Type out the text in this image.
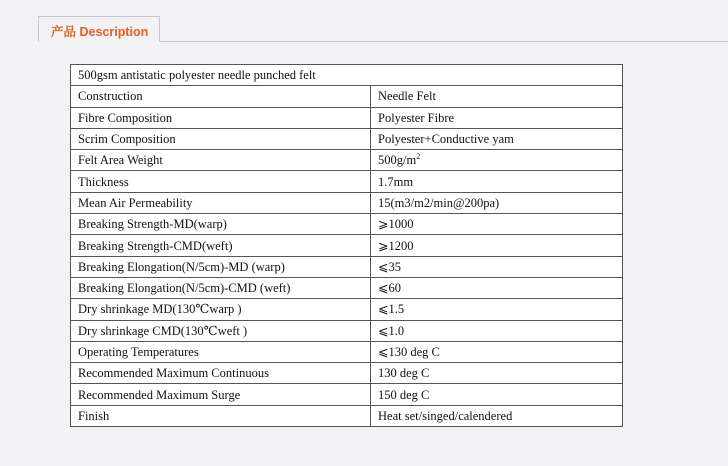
产品 Description
500gsm antistatic polyester needle punched felt	
Construction	Needle Felt
Fibre Composition	Polyester Fibre
Scrim Composition	Polyester+Conductive yam
Felt Area Weight	$500g/m^2$
Thickness	1.7mm
Mean Air Permeability	15(m3/m2/min@200pa)
Breaking Strength-MD(warp)	⩾1000
Breaking Strength-CMD(weft)	⩾1200
Breaking Elongation(N/5cm)-MD (warp)	⩽35
Breaking Elongation(N/5cm)-CMD (weft)	⩽60
Dry shrinkage MD(130℃warp )	⩽1.5
Dry shrinkage CMD(130℃weft )	⩽1.0
Operating Temperatures	⩽130 deg C
Recommended Maximum Continuous	130 deg C
Recommended Maximum Surge	150 deg C
Finish	Heat set/singed/calendered
